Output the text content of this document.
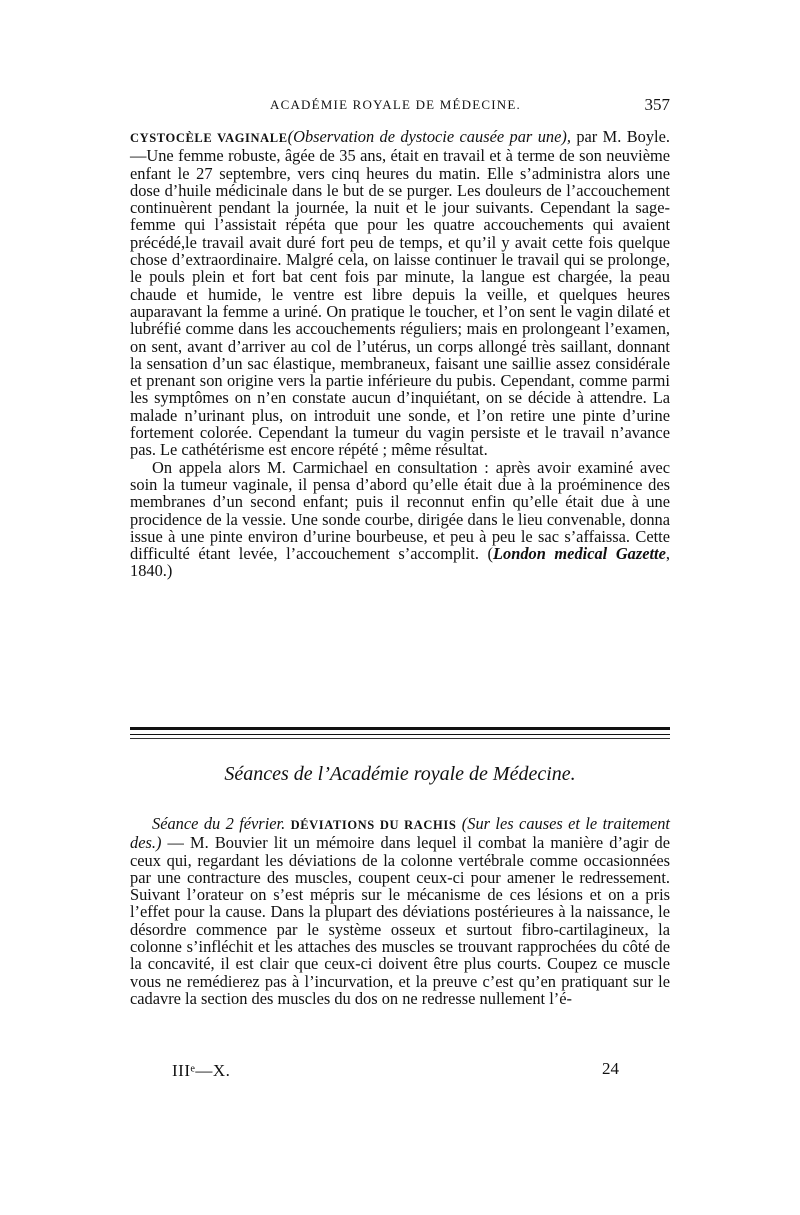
ACADÉMIE ROYALE DE MÉDECINE.	357

CYSTOCÈLE VAGINALE(Observation de dystocie causée par une), par M. Boyle.—Une femme robuste, âgée de 35 ans, était en travail et à terme de son neuvième enfant le 27 septembre, vers cinq heures du matin. Elle s’administra alors une dose d’huile médicinale dans le but de se purger. Les douleurs de l’accouchement continuèrent pendant la journée, la nuit et le jour suivants. Cependant la sage-femme qui l’assistait répéta que pour les quatre accouchements qui avaient précédé,le travail avait duré fort peu de temps, et qu’il y avait cette fois quelque chose d’extraordinaire. Malgré cela, on laisse continuer le travail qui se prolonge, le pouls plein et fort bat cent fois par minute, la langue est chargée, la peau chaude et humide, le ventre est libre depuis la veille, et quelques heures auparavant la femme a uriné. On pratique le toucher, et l’on sent le vagin dilaté et lubréfié comme dans les accouchements réguliers; mais en prolongeant l’examen, on sent, avant d’arriver au col de l’utérus, un corps allongé très saillant, donnant la sensation d’un sac élastique, membraneux, faisant une saillie assez considérale et prenant son origine vers la partie inférieure du pubis. Cependant, comme parmi les symptômes on n’en constate aucun d’inquiétant, on se décide à attendre. La malade n’urinant plus, on introduit une sonde, et l’on retire une pinte d’urine fortement colorée. Cependant la tumeur du vagin persiste et le travail n’avance pas. Le cathétérisme est encore répété ; même résultat.

On appela alors M. Carmichael en consultation : après avoir examiné avec soin la tumeur vaginale, il pensa d’abord qu’elle était due à la proéminence des membranes d’un second enfant; puis il reconnut enfin qu’elle était due à une procidence de la vessie. Une sonde courbe, dirigée dans le lieu convenable, donna issue à une pinte environ d’urine bourbeuse, et peu à peu le sac s’affaissa. Cette difficulté étant levée, l’accouchement s’accomplit. (London medical Gazette, 1840.)

Séances de l’Académie royale de Médecine.

Séance du 2 février. DÉVIATIONS DU RACHIS (Sur les causes et le traitement des.) — M. Bouvier lit un mémoire dans lequel il combat la manière d’agir de ceux qui, regardant les déviations de la colonne vertébrale comme occasionnées par une contracture des muscles, coupent ceux-ci pour amener le redressement. Suivant l’orateur on s’est mépris sur le mécanisme de ces lésions et on a pris l’effet pour la cause. Dans la plupart des déviations postérieures à la naissance, le désordre commence par le système osseux et surtout fibro-cartilagineux, la colonne s’infléchit et les attaches des muscles se trouvant rapprochées du côté de la concavité, il est clair que ceux-ci doivent être plus courts. Coupez ce muscle vous ne remédierez pas à l’incurvation, et la preuve c’est qu’en pratiquant sur le cadavre la section des muscles du dos on ne redresse nullement l’é-

IIIᵉ—X.	24
